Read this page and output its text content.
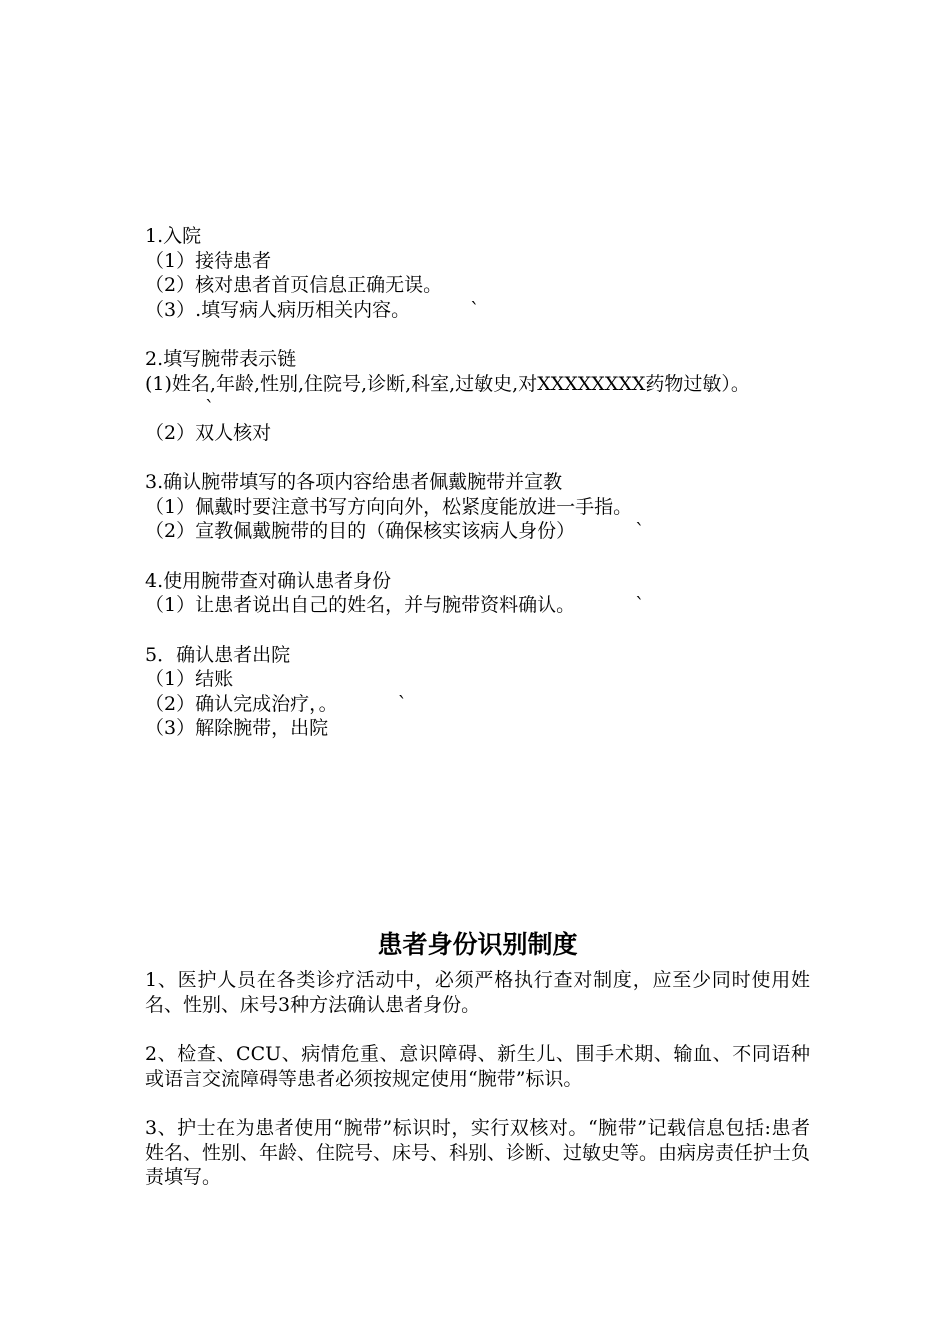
1.入院
（1）接待患者
（2）核对患者首页信息正确无误。
（3）.填写病人病历相关内容。	`
2.填写腕带表示链
(1)姓名,年龄,性别,住院号,诊断,科室,过敏史,对XXXXXXXX药物过敏）。`
（2）双人核对
3.确认腕带填写的各项内容给患者佩戴腕带并宣教
（1）佩戴时要注意书写方向向外，松紧度能放进一手指。
（2）宣教佩戴腕带的目的（确保核实该病人身份）	`
4.使用腕带查对确认患者身份
（1）让患者说出自己的姓名，并与腕带资料确认。	`
5．确认患者出院
（1）结账
（2）确认完成治疗，。	`
（3）解除腕带，出院
患者身份识别制度
1、医护人员在各类诊疗活动中，必须严格执行查对制度，应至少同时使用姓名、性别、床号3种方法确认患者身份。
2、检查、CCU、病情危重、意识障碍、新生儿、围手术期、输血、不同语种或语言交流障碍等患者必须按规定使用“腕带”标识。
3、护士在为患者使用“腕带”标识时，实行双核对。“腕带”记载信息包括:患者姓名、性别、年龄、住院号、床号、科别、诊断、过敏史等。由病房责任护士负责填写。
